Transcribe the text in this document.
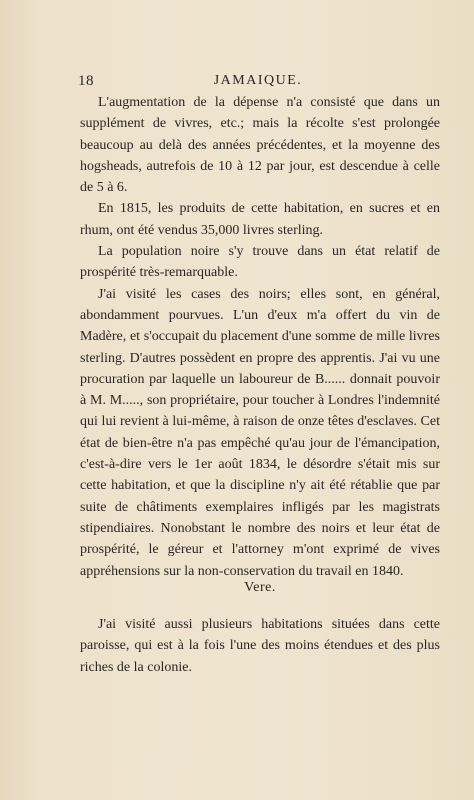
18	JAMAIQUE.

L'augmentation de la dépense n'a consisté que dans un supplément de vivres, etc.; mais la récolte s'est prolongée beaucoup au delà des années précédentes, et la moyenne des hogsheads, autrefois de 10 à 12 par jour, est descendue à celle de 5 à 6.

En 1815, les produits de cette habitation, en sucres et en rhum, ont été vendus 35,000 livres sterling.

La population noire s'y trouve dans un état relatif de prospérité très-remarquable.

J'ai visité les cases des noirs; elles sont, en général, abondamment pourvues. L'un d'eux m'a offert du vin de Madère, et s'occupait du placement d'une somme de mille livres sterling. D'autres possèdent en propre des apprentis. J'ai vu une procuration par laquelle un laboureur de B...... donnait pouvoir à M. M....., son propriétaire, pour toucher à Londres l'indemnité qui lui revient à lui-même, à raison de onze têtes d'esclaves. Cet état de bien-être n'a pas empêché qu'au jour de l'émancipation, c'est-à-dire vers le 1er août 1834, le désordre s'était mis sur cette habitation, et que la discipline n'y ait été rétablie que par suite de châtiments exemplaires infligés par les magistrats stipendiaires. Nonobstant le nombre des noirs et leur état de prospérité, le géreur et l'attorney m'ont exprimé de vives appréhensions sur la non-conservation du travail en 1840.

Vere.

J'ai visité aussi plusieurs habitations situées dans cette paroisse, qui est à la fois l'une des moins étendues et des plus riches de la colonie.
